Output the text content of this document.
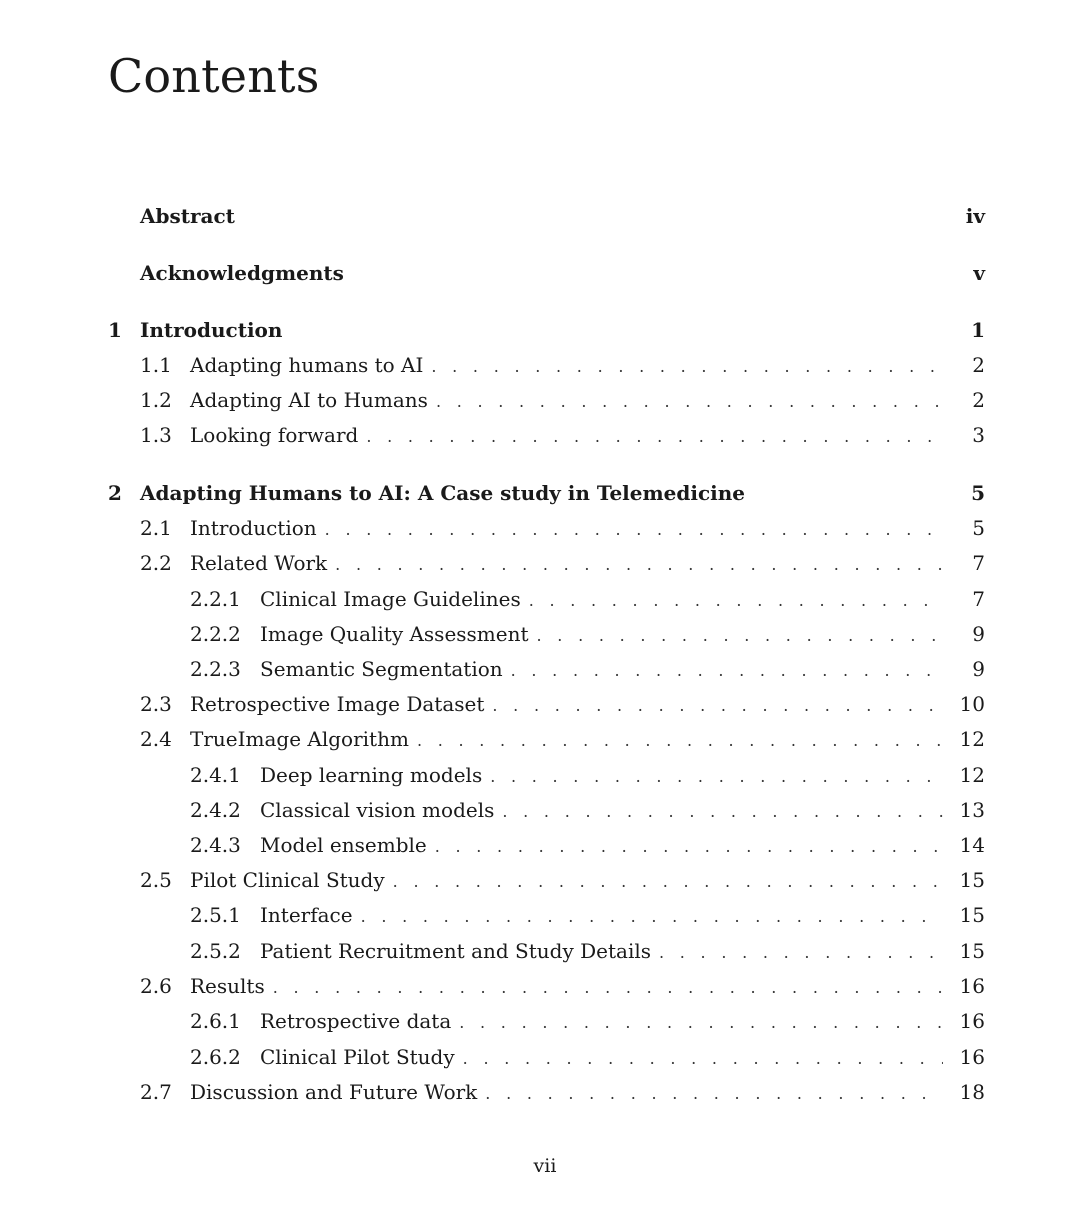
Contents
Abstract	iv
Acknowledgments	v
1 Introduction	1
1.1 Adapting humans to AI . . .	2
1.2 Adapting AI to Humans . . .	2
1.3 Looking forward . . .	3
2 Adapting Humans to AI: A Case study in Telemedicine	5
2.1 Introduction . . .	5
2.2 Related Work . . .	7
2.2.1 Clinical Image Guidelines . . .	7
2.2.2 Image Quality Assessment . . .	9
2.2.3 Semantic Segmentation . . .	9
2.3 Retrospective Image Dataset . . .	10
2.4 TrueImage Algorithm . . .	12
2.4.1 Deep learning models . . .	12
2.4.2 Classical vision models . . .	13
2.4.3 Model ensemble . . .	14
2.5 Pilot Clinical Study . . .	15
2.5.1 Interface . . .	15
2.5.2 Patient Recruitment and Study Details . . .	15
2.6 Results . . .	16
2.6.1 Retrospective data . . .	16
2.6.2 Clinical Pilot Study . . .	16
2.7 Discussion and Future Work . . .	18
vii
